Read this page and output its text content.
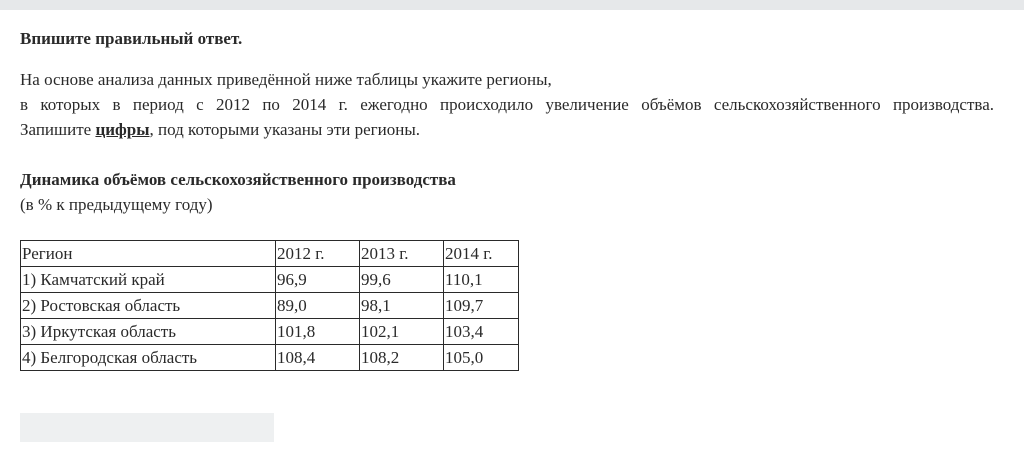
Впишите правильный ответ.

На основе анализа данных приведённой ниже таблицы укажите регионы,

в которых в период с 2012 по 2014 г. ежегодно происходило увеличение объёмов сельскохозяйственного производства.

Запишите цифры, под которыми указаны эти регионы.

Динамика объёмов сельскохозяйственного производства
(в % к предыдущему году)
Регион	2012 г.	2013 г.	2014 г.
1) Камчатский край	96,9	99,6	110,1
2) Ростовская область	89,0	98,1	109,7
3) Иркутская область	101,8	102,1	103,4
4) Белгородская область	108,4	108,2	105,0
